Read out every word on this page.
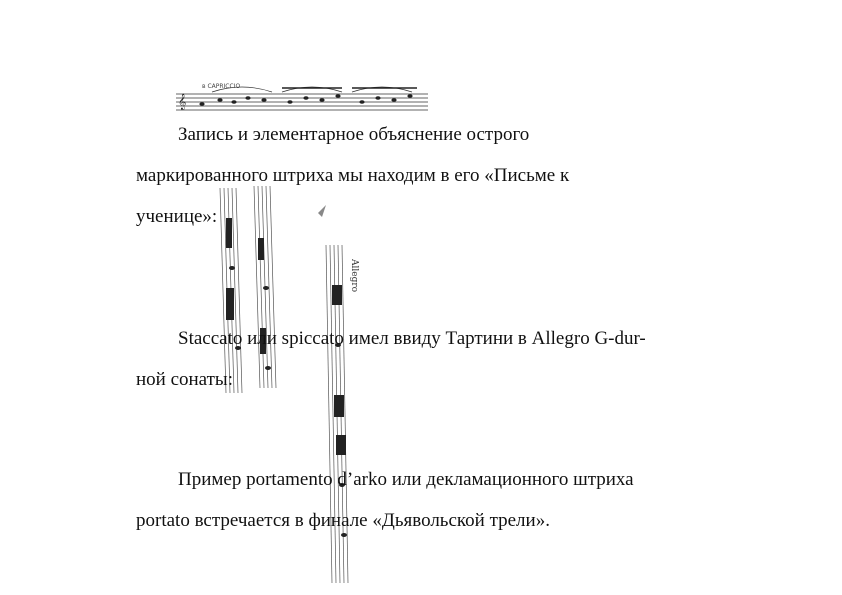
𝄞
в CAPRICCIO
Allegro
Запись и элементарное объяснение острого
маркированного штриха мы находим в его «Письме к
ученице»:
Staccato или spiccato имел ввиду Тартини в Allegro G-dur-
ной сонаты:
Пример portamento d’arko или декламационного штриха
portato встречается в финале «Дьявольской трели».
